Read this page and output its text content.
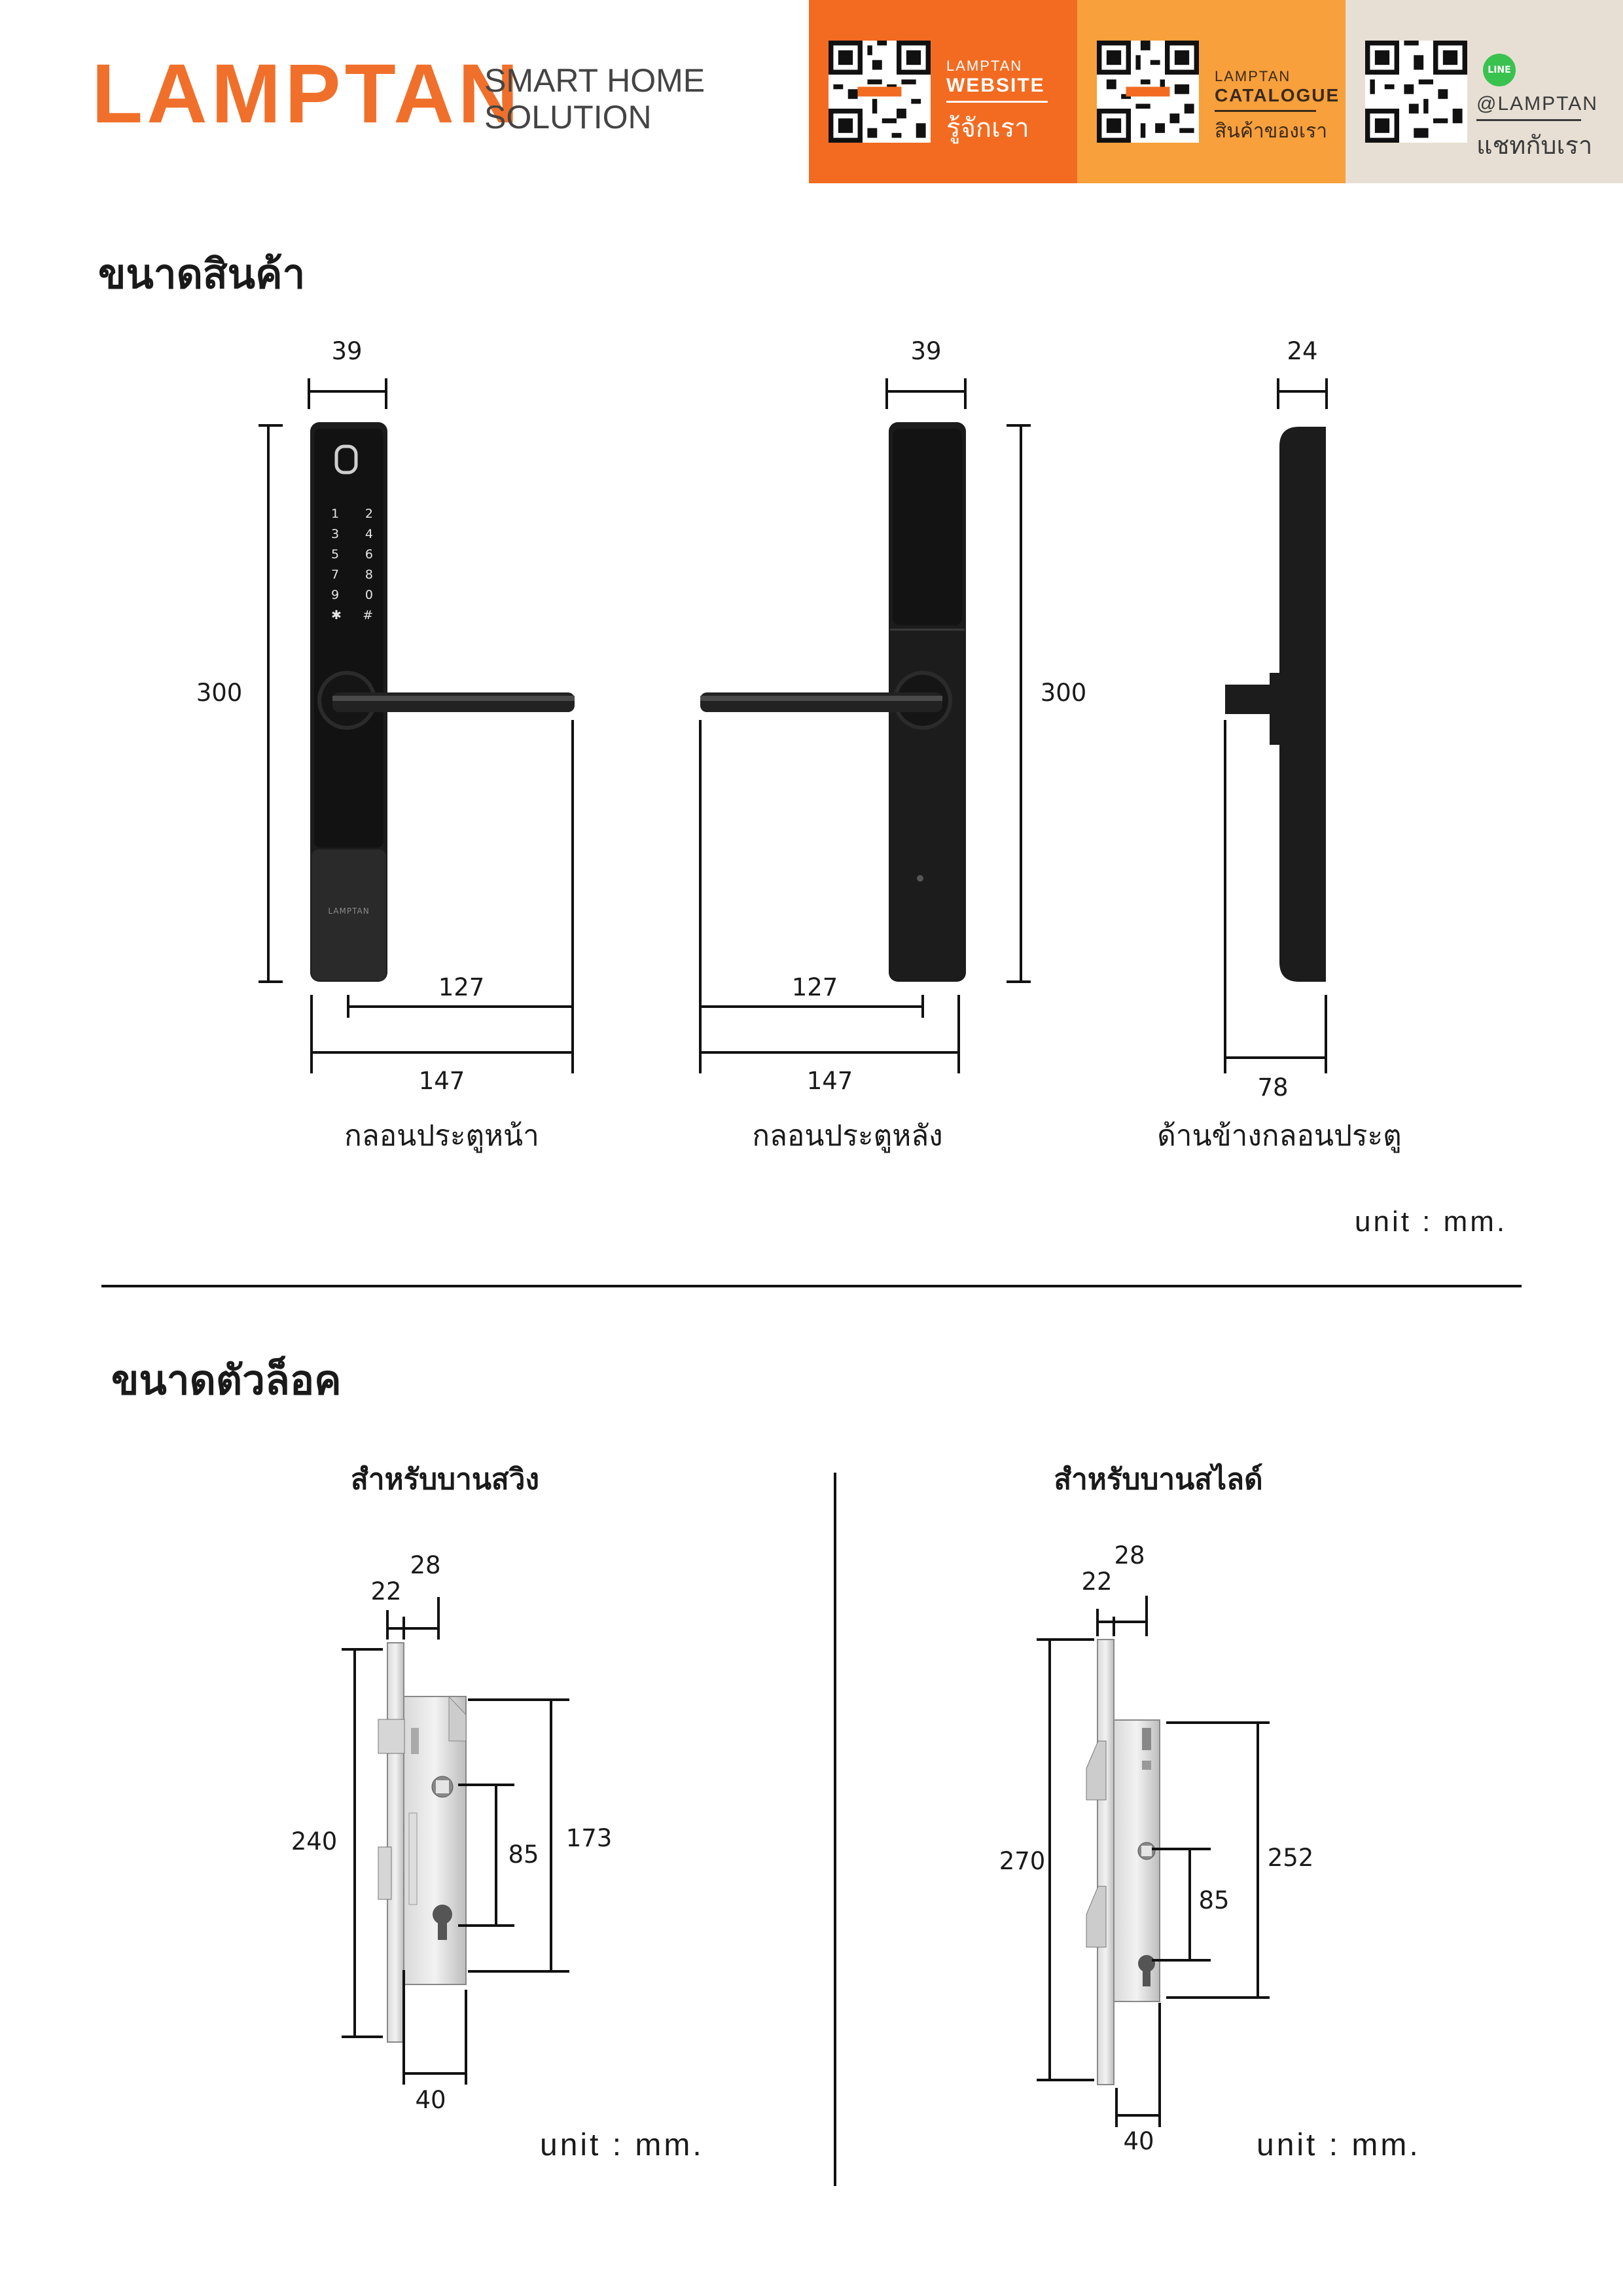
LAMPTAN
SMART HOME
SOLUTION
LAMPTAN
WEBSITE
รู้จักเรา
LAMPTAN
CATALOGUE
สินค้าของเรา
LINE
@LAMPTAN
แชทกับเรา
ขนาดสินค้า
1 2
3 4
5 6
7 8
9 0
✱ #
LAMPTAN
39	39	24
300	300
127	127
147	147	78
กลอนประตูหน้า	กลอนประตูหลัง	ด้านข้างกลอนประตู
unit : mm.
ขนาดตัวล็อค
สำหรับบานสวิง	สำหรับบานสไลด์
28
22
240	173
85
40
unit : mm.
28
22
270	252
85
40	unit : mm.
